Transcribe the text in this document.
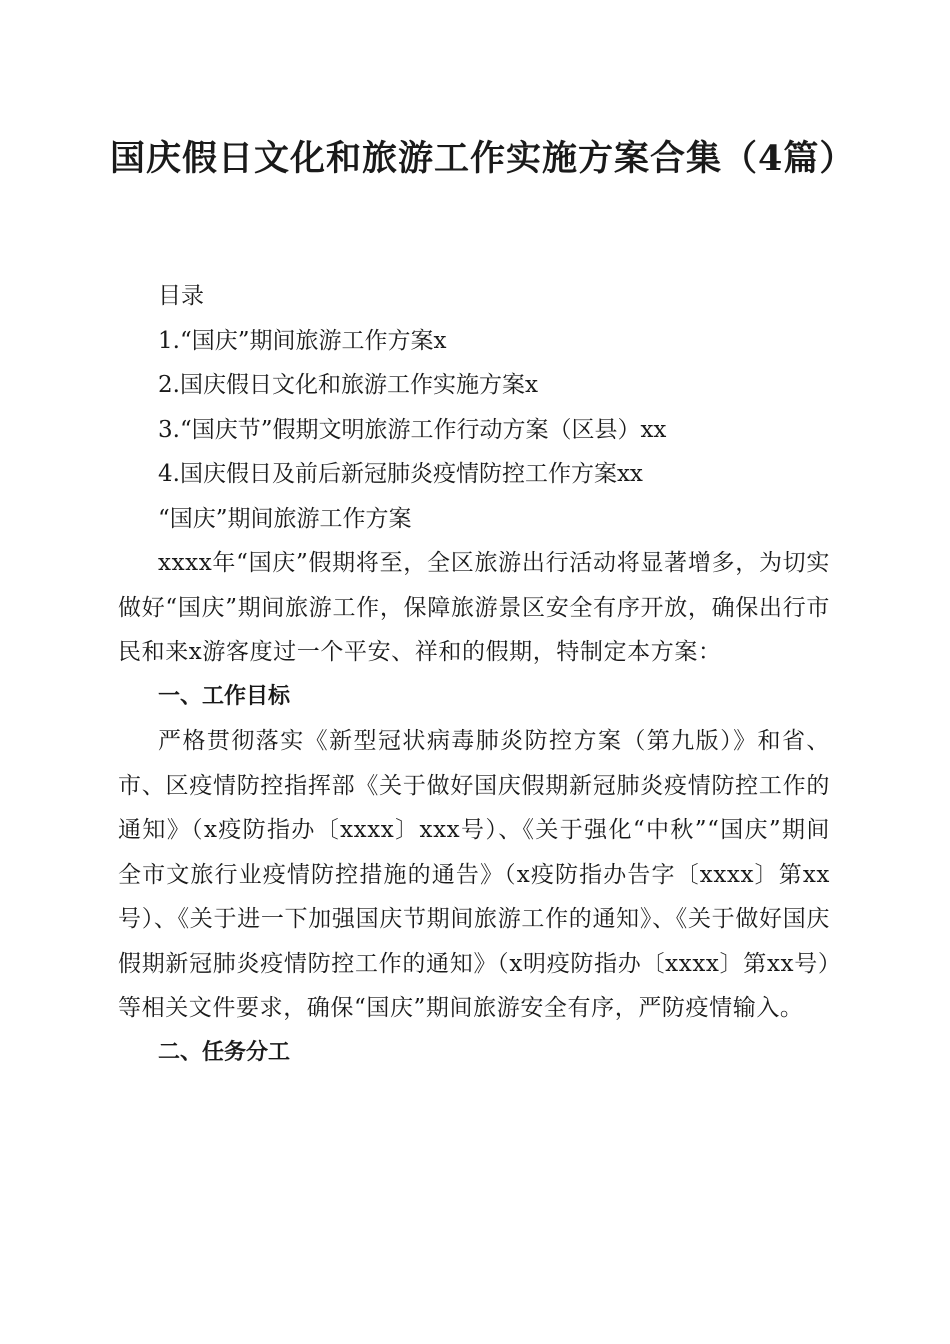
国庆假日文化和旅游工作实施方案合集（4篇）

目录

1.“国庆”期间旅游工作方案x

2.国庆假日文化和旅游工作实施方案x

3.“国庆节”假期文明旅游工作行动方案（区县）xx

4.国庆假日及前后新冠肺炎疫情防控工作方案xx

“国庆”期间旅游工作方案

xxxx年“国庆”假期将至，全区旅游出行活动将显著增多，为切实做好“国庆”期间旅游工作，保障旅游景区安全有序开放，确保出行市民和来x游客度过一个平安、祥和的假期，特制定本方案：

一、工作目标

严格贯彻落实《新型冠状病毒肺炎防控方案（第九版）》和省、市、区疫情防控指挥部《关于做好国庆假期新冠肺炎疫情防控工作的通知》（x疫防指办〔xxxx〕xxx号）、《关于强化“中秋”“国庆”期间全市文旅行业疫情防控措施的通告》（x疫防指办告字〔xxxx〕第xx号）、《关于进一下加强国庆节期间旅游工作的通知》、《关于做好国庆假期新冠肺炎疫情防控工作的通知》（x明疫防指办〔xxxx〕第xx号）等相关文件要求，确保“国庆”期间旅游安全有序，严防疫情输入。

二、任务分工
